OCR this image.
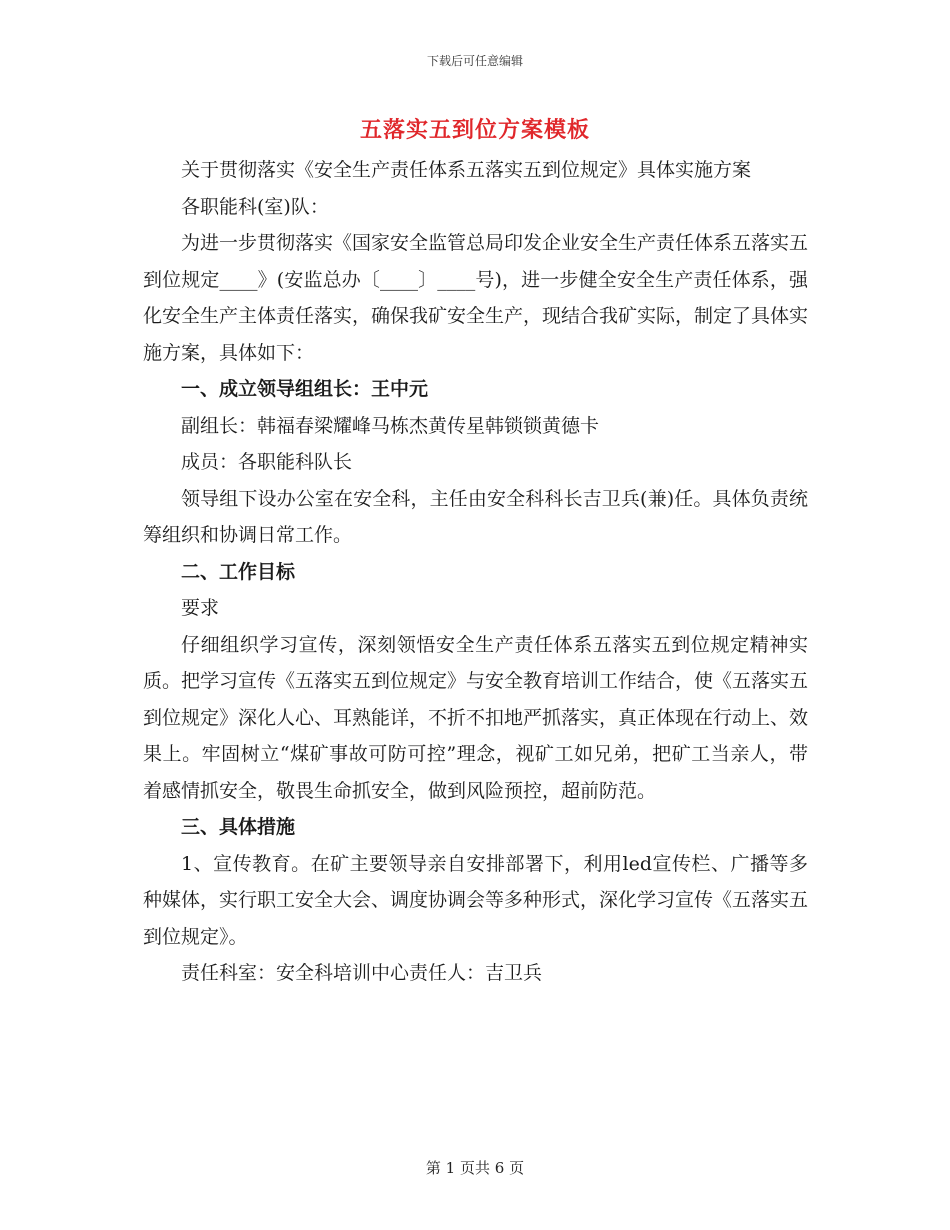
下载后可任意编辑
五落实五到位方案模板

关于贯彻落实《安全生产责任体系五落实五到位规定》具体实施方案

各职能科(室)队：

为进一步贯彻落实《国家安全监管总局印发企业安全生产责任体系五落实五到位规定____》(安监总办〔____〕____号)，进一步健全安全生产责任体系，强化安全生产主体责任落实，确保我矿安全生产，现结合我矿实际，制定了具体实施方案，具体如下：

一、成立领导组组长：王中元

副组长：韩福春梁耀峰马栋杰黄传星韩锁锁黄德卡

成员：各职能科队长

领导组下设办公室在安全科，主任由安全科科长吉卫兵(兼)任。具体负责统筹组织和协调日常工作。

二、工作目标

要求

仔细组织学习宣传，深刻领悟安全生产责任体系五落实五到位规定精神实质。把学习宣传《五落实五到位规定》与安全教育培训工作结合，使《五落实五到位规定》深化人心、耳熟能详，不折不扣地严抓落实，真正体现在行动上、效果上。牢固树立“煤矿事故可防可控”理念，视矿工如兄弟，把矿工当亲人，带着感情抓安全，敬畏生命抓安全，做到风险预控，超前防范。

三、具体措施

1、宣传教育。在矿主要领导亲自安排部署下，利用led宣传栏、广播等多种媒体，实行职工安全大会、调度协调会等多种形式，深化学习宣传《五落实五到位规定》。

责任科室：安全科培训中心责任人：吉卫兵

第 1 页共 6 页
